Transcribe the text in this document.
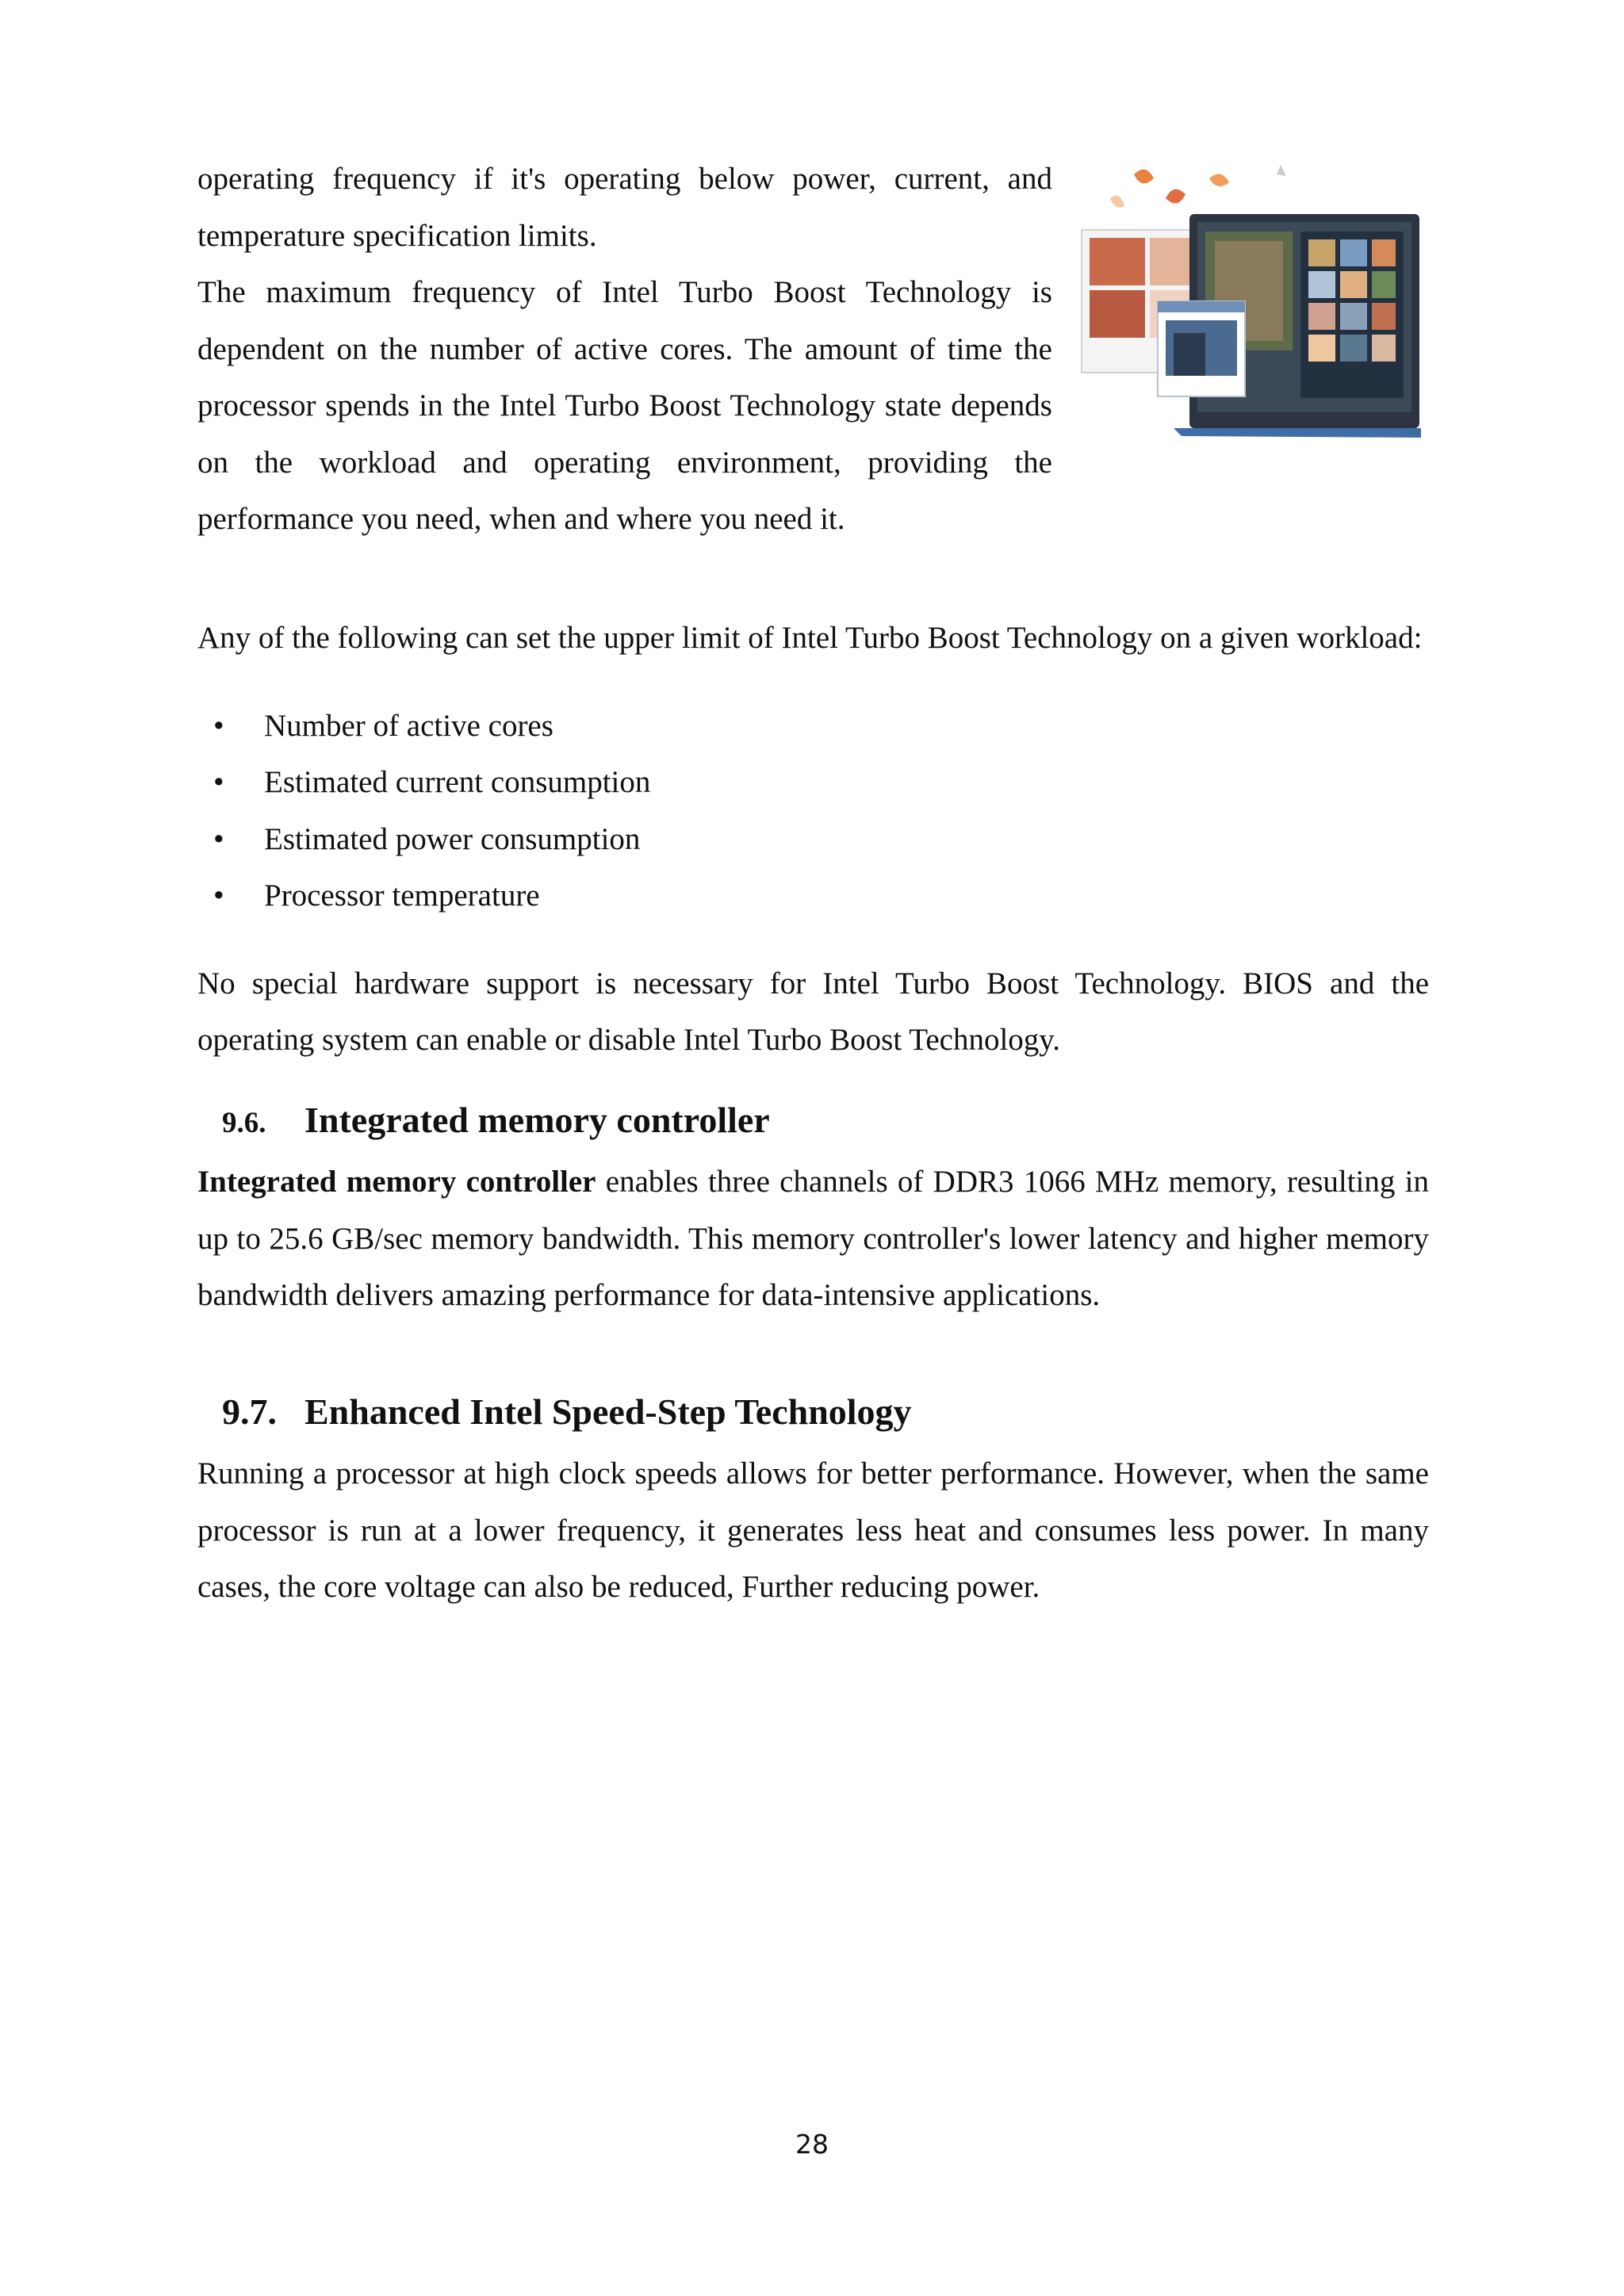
operating frequency if it's operating below power, current, and temperature specification limits.

The maximum frequency of Intel Turbo Boost Technology is dependent on the number of active cores. The amount of time the processor spends in the Intel Turbo Boost Technology state depends on the workload and operating environment, providing the performance you need, when and where you need it.

Any of the following can set the upper limit of Intel Turbo Boost Technology on a given workload:

• Number of active cores
• Estimated current consumption
• Estimated power consumption
• Processor temperature

No special hardware support is necessary for Intel Turbo Boost Technology. BIOS and the operating system can enable or disable Intel Turbo Boost Technology.

9.6. Integrated memory controller

Integrated memory controller enables three channels of DDR3 1066 MHz memory, resulting in up to 25.6 GB/sec memory bandwidth. This memory controller's lower latency and higher memory bandwidth delivers amazing performance for data-intensive applications.

9.7. Enhanced Intel Speed-Step Technology

Running a processor at high clock speeds allows for better performance. However, when the same processor is run at a lower frequency, it generates less heat and consumes less power. In many cases, the core voltage can also be reduced, Further reducing power.

28
